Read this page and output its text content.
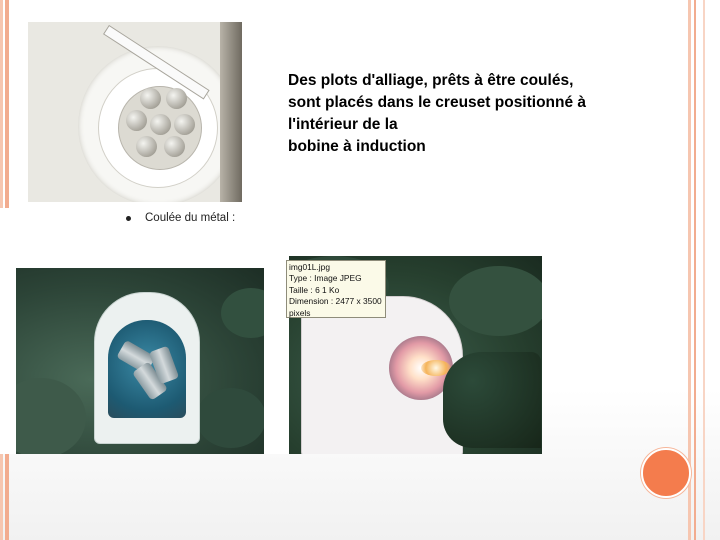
Des plots d'alliage, prêts à être coulés,
sont placés dans le creuset positionné à
l'intérieur de la
bobine à induction
Coulée du métal :
img01L.jpg
Type : Image JPEG
Taille : 6 1 Ko
Dimension : 2477 x 3500
pixels
